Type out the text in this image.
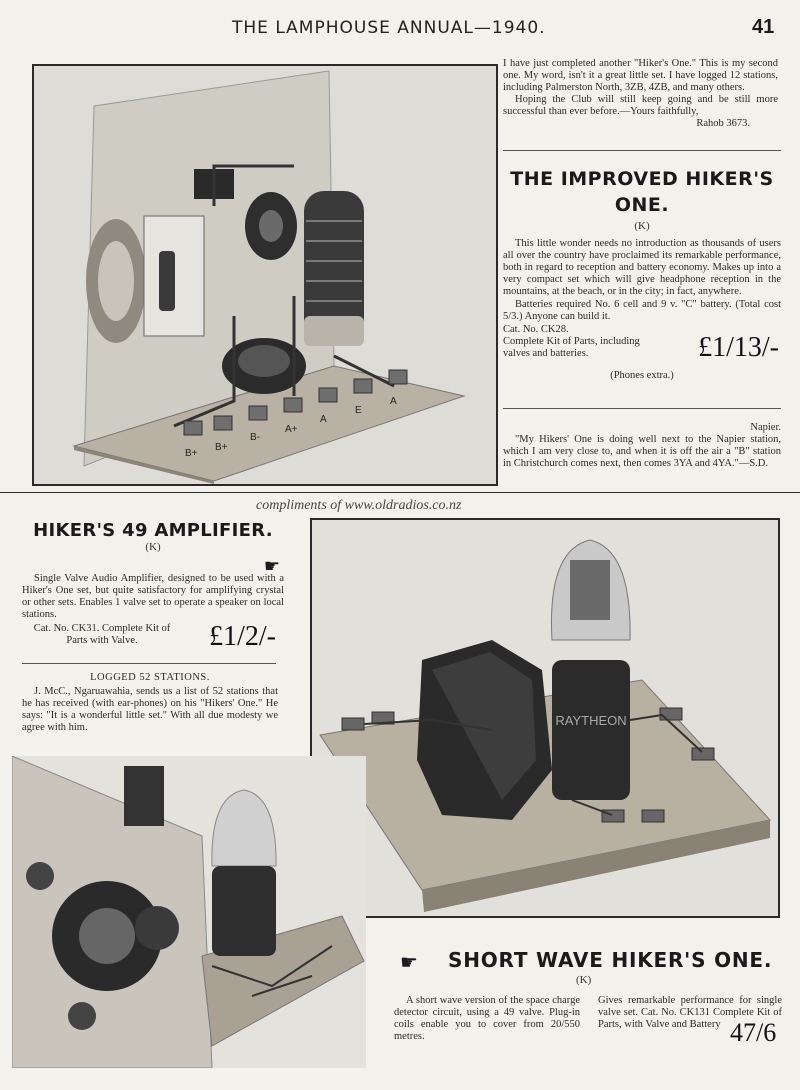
THE LAMPHOUSE ANNUAL—1940.	41
B+
B+
B-
A+
A
E
A
I have just completed another "Hiker's One." This is my second one. My word, isn't it a great little set. I have logged 12 stations, including Palmerston North, 3ZB, 4ZB, and many others.
Hoping the Club will still keep going and be still more successful than ever before.—Yours faithfully,
Rahob 3673.
THE IMPROVED HIKER'S
ONE.
(K)
This little wonder needs no introduction as thousands of users all over the country have proclaimed its remarkable performance, both in regard to reception and battery economy. Makes up into a very compact set which will give headphone reception in the mountains, at the beach, or in the city; in fact, anywhere.
Batteries required No. 6 cell and 9 v. "C" battery. (Total cost 5/3.) Anyone can build it.
Cat. No. CK28.
Complete Kit of Parts, including valves and batteries.	£1/13/-
(Phones extra.)
Napier.
"My Hikers' One is doing well next to the Napier station, which I am very close to, and when it is off the air a "B" station in Christchurch comes next, then comes 3YA and 4YA."—S.D.
compliments of www.oldradios.co.nz
HIKER'S 49 AMPLIFIER.
(K)
☛
Single Valve Audio Amplifier, designed to be used with a Hiker's One set, but quite satisfactory for amplifying crystal or other sets. Enables 1 valve set to operate a speaker on local stations.
Cat. No. CK31. Complete Kit of Parts with Valve.	£1/2/-
LOGGED 52 STATIONS.
J. McC., Ngaruawahia, sends us a list of 52 stations that he has received (with ear-phones) on his "Hikers' One." He says: "It is a wonderful little set." With all due modesty we agree with him.	RAYTHEON
☛ SHORT WAVE HIKER'S ONE.
(K)
A short wave version of the space charge detector circuit, using a 49 valve. Plug-in coils enable you to cover from 20/550 metres.
Gives remarkable performance for single valve set. Cat. No. CK131 Complete Kit of Parts, with Valve and Battery 47/6
